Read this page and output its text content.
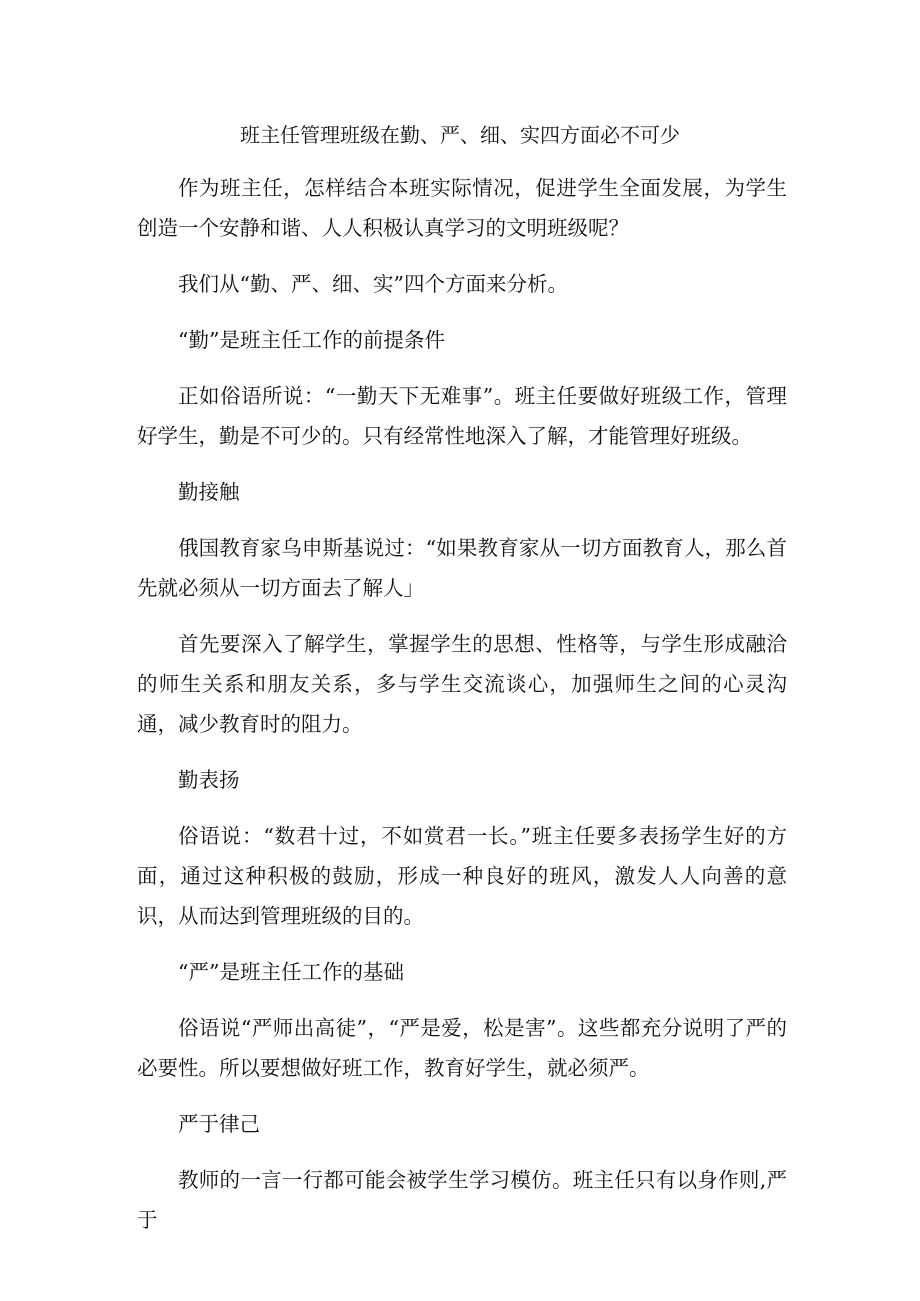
班主任管理班级在勤、严、细、实四方面必不可少

作为班主任，怎样结合本班实际情况，促进学生全面发展，为学生创造一个安静和谐、人人积极认真学习的文明班级呢？

我们从“勤、严、细、实”四个方面来分析。

“勤”是班主任工作的前提条件

正如俗语所说：“一勤天下无难事”。班主任要做好班级工作，管理好学生，勤是不可少的。只有经常性地深入了解，才能管理好班级。

勤接触

俄国教育家乌申斯基说过：“如果教育家从一切方面教育人，那么首先就必须从一切方面去了解人」

首先要深入了解学生，掌握学生的思想、性格等，与学生形成融洽的师生关系和朋友关系，多与学生交流谈心，加强师生之间的心灵沟通，减少教育时的阻力。

勤表扬

俗语说：“数君十过，不如赏君一长。”班主任要多表扬学生好的方面，通过这种积极的鼓励，形成一种良好的班风，激发人人向善的意识，从而达到管理班级的目的。

“严”是班主任工作的基础

俗语说“严师出高徒”，“严是爱，松是害”。这些都充分说明了严的必要性。所以要想做好班工作，教育好学生，就必须严。

严于律己

教师的一言一行都可能会被学生学习模仿。班主任只有以身作则,严于
